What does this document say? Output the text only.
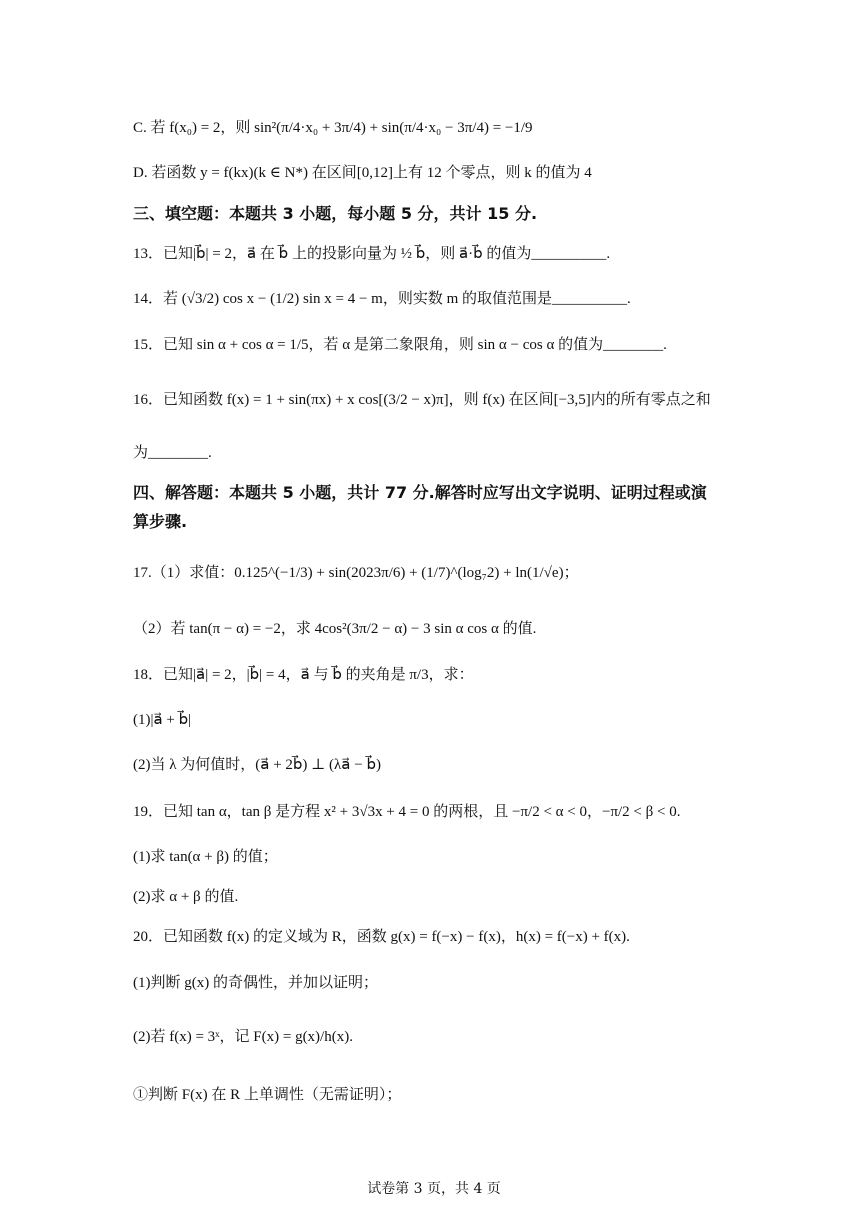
C. 若 f(x₀) = 2，则 sin²(π/4·x₀ + 3π/4) + sin(π/4·x₀ − 3π/4) = −1/9
D. 若函数 y = f(kx)(k ∈ N*) 在区间[0,12]上有 12 个零点，则 k 的值为 4
三、填空题：本题共 3 小题，每小题 5 分，共计 15 分.
13．已知|b⃗| = 2，a⃗ 在 b⃗ 上的投影向量为 ½ b⃗，则 a⃗·b⃗ 的值为__________.
14．若 (√3/2) cos x − (1/2) sin x = 4 − m，则实数 m 的取值范围是__________.
15．已知 sin α + cos α = 1/5，若 α 是第二象限角，则 sin α − cos α 的值为________.
16．已知函数 f(x) = 1 + sin(πx) + x cos[(3/2 − x)π]，则 f(x) 在区间[−3,5]内的所有零点之和
为________.
四、解答题：本题共 5 小题，共计 77 分.解答时应写出文字说明、证明过程或演
算步骤.
17.（1）求值：0.125^(−1/3) + sin(2023π/6) + (1/7)^(log₇2) + ln(1/√e)；
（2）若 tan(π − α) = −2，求 4cos²(3π/2 − α) − 3 sin α cos α 的值.
18．已知|a⃗| = 2，|b⃗| = 4，a⃗ 与 b⃗ 的夹角是 π/3，求：
(1)|a⃗ + b⃗|
(2)当 λ 为何值时，(a⃗ + 2b⃗) ⊥ (λa⃗ − b⃗)
19．已知 tan α，tan β 是方程 x² + 3√3x + 4 = 0 的两根，且 −π/2 < α < 0，−π/2 < β < 0.
(1)求 tan(α + β) 的值；
(2)求 α + β 的值.
20．已知函数 f(x) 的定义域为 R，函数 g(x) = f(−x) − f(x)，h(x) = f(−x) + f(x).
(1)判断 g(x) 的奇偶性，并加以证明；
(2)若 f(x) = 3ˣ，记 F(x) = g(x)/h(x).
①判断 F(x) 在 R 上单调性（无需证明）；
试卷第 3 页，共 4 页
